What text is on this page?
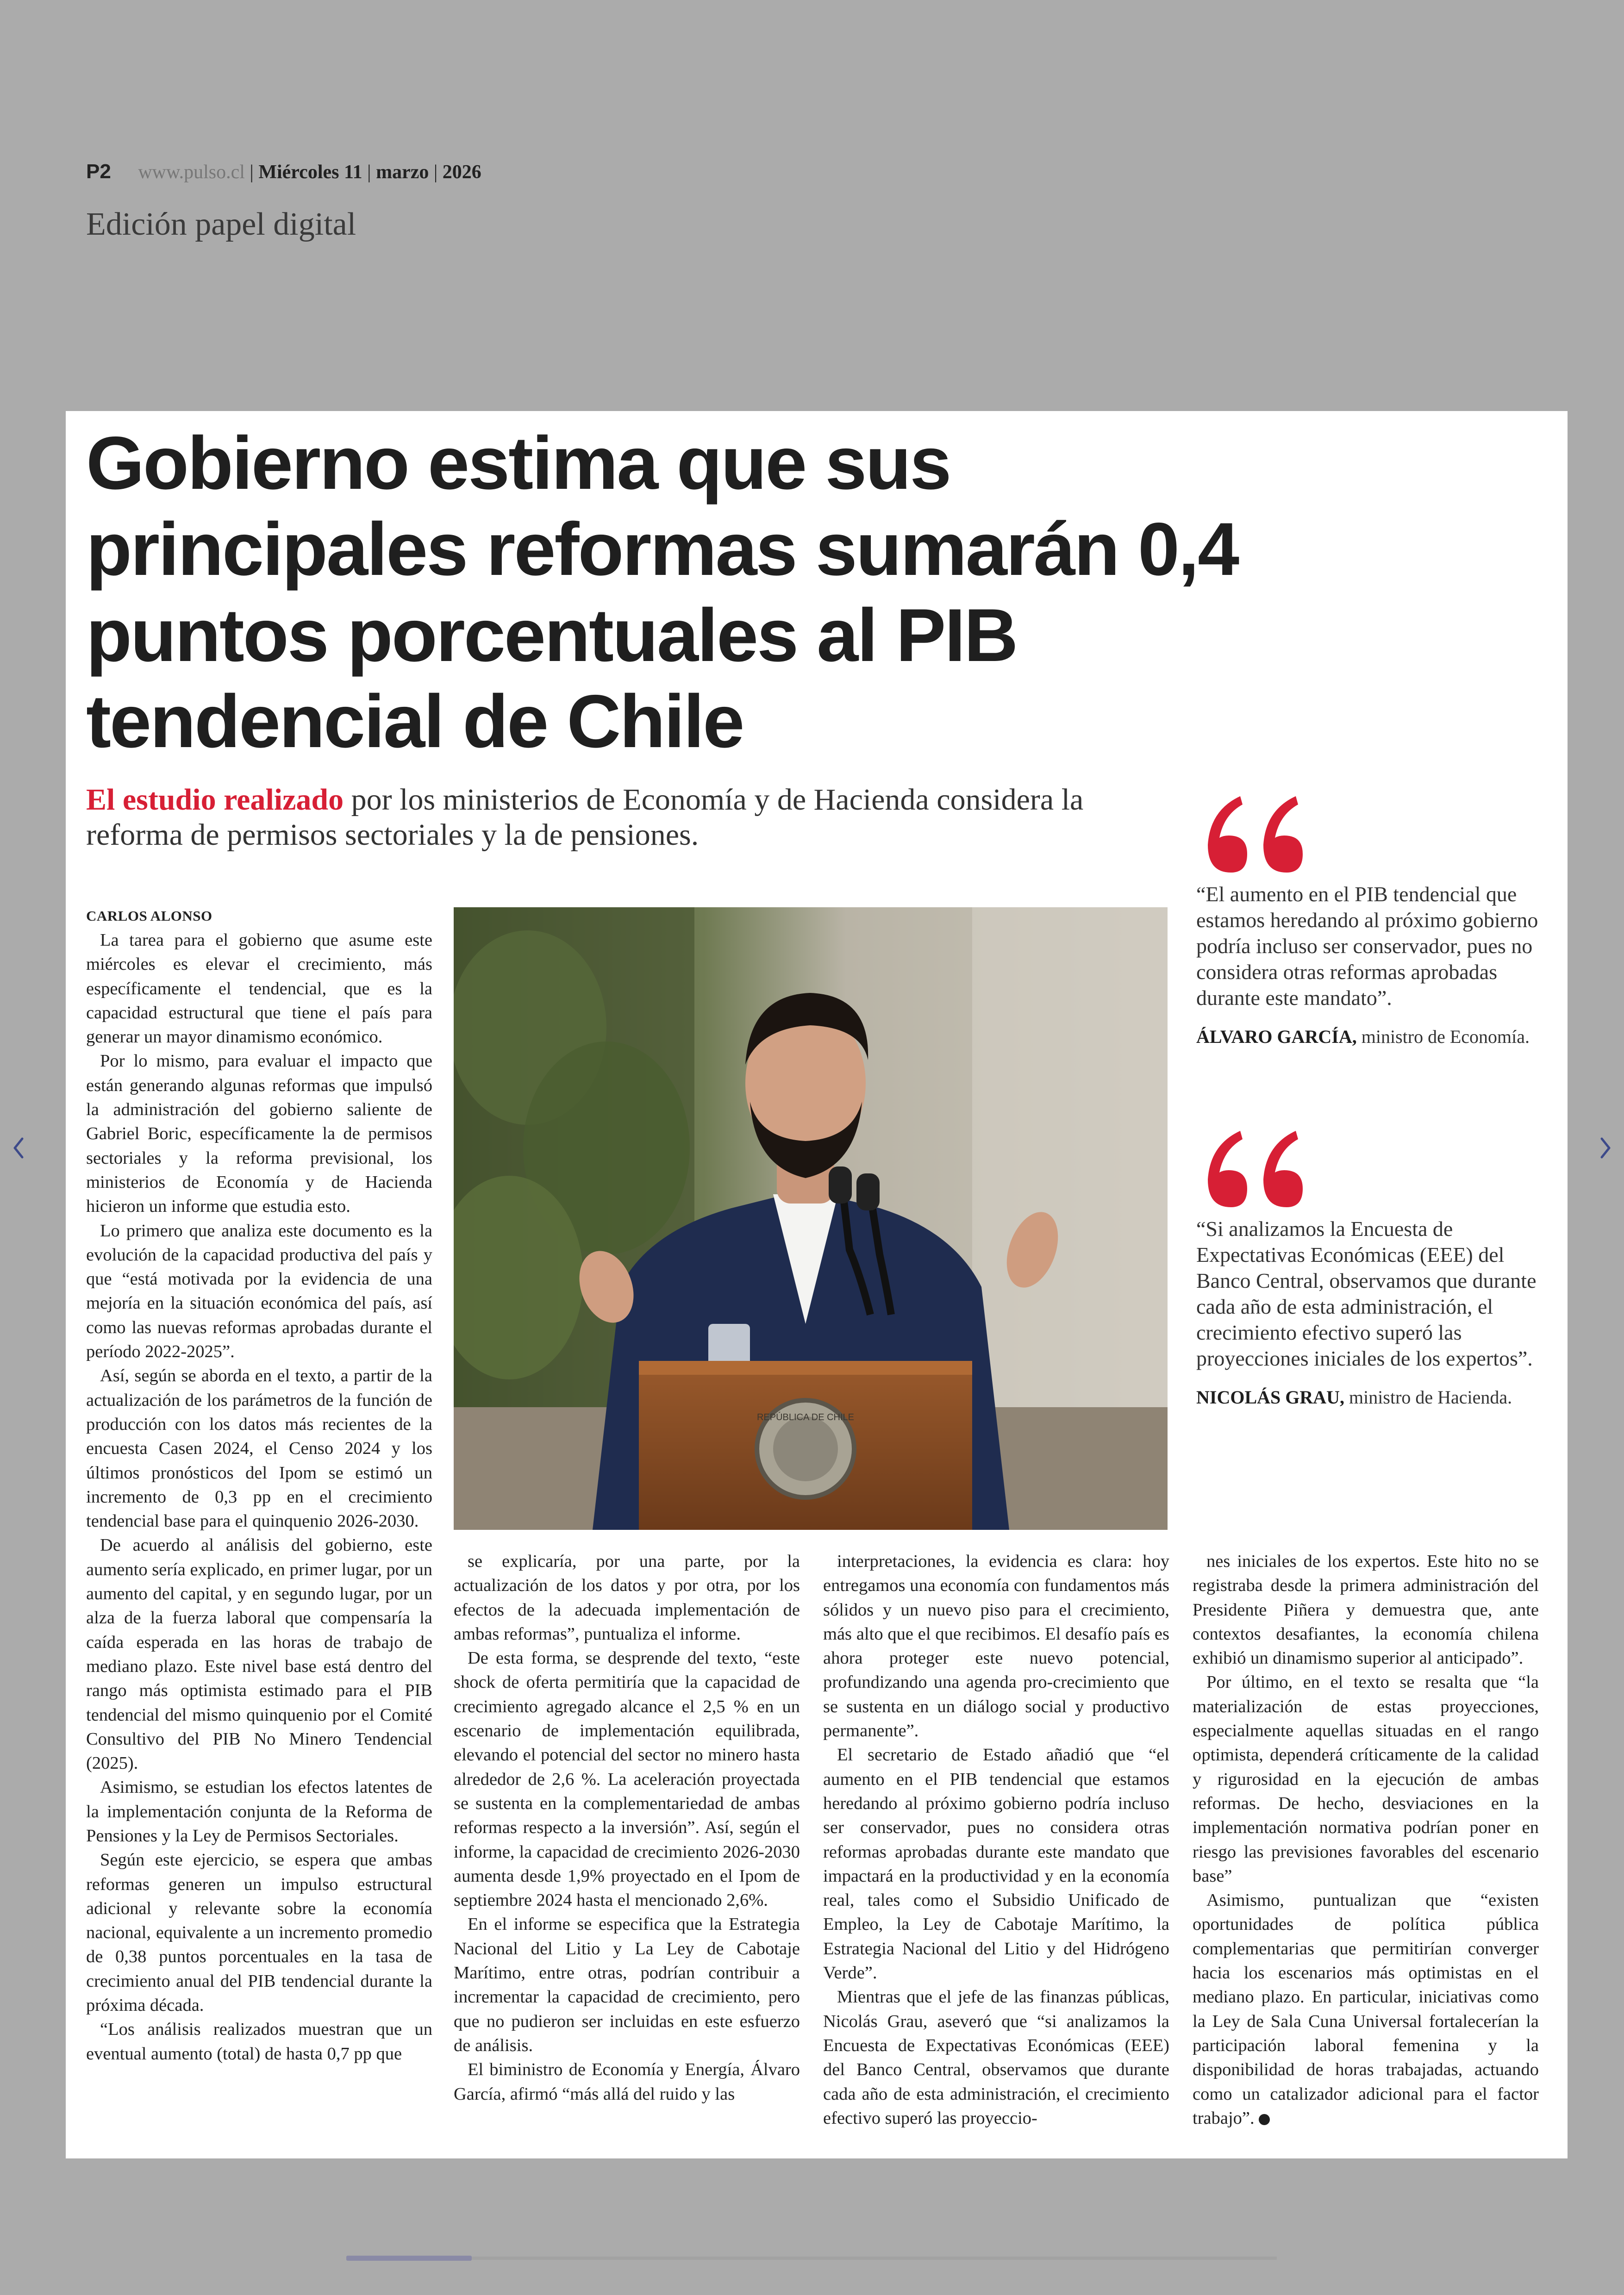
P2 www.pulso.cl | Miércoles 11 | marzo | 2026
Edición papel digital
Gobierno estima que sus principales reformas sumarán 0,4 puntos porcentuales al PIB tendencial de Chile

El estudio realizado por los ministerios de Economía y de Hacienda considera la reforma de permisos sectoriales y la de pensiones.

CARLOS ALONSO

La tarea para el gobierno que asume este miércoles es elevar el crecimiento, más específicamente el tendencial, que es la capacidad estructural que tiene el país para generar un mayor dinamismo económico.

Por lo mismo, para evaluar el impacto que están generando algunas reformas que impulsó la administración del gobierno saliente de Gabriel Boric, específicamente la de permisos sectoriales y la reforma previsional, los ministerios de Economía y de Hacienda hicieron un informe que estudia esto.

Lo primero que analiza este documento es la evolución de la capacidad productiva del país y que “está motivada por la evidencia de una mejoría en la situación económica del país, así como las nuevas reformas aprobadas durante el período 2022-2025”.

Así, según se aborda en el texto, a partir de la actualización de los parámetros de la función de producción con los datos más recientes de la encuesta Casen 2024, el Censo 2024 y los últimos pronósticos del Ipom se estimó un incremento de 0,3 pp en el crecimiento tendencial base para el quinquenio 2026-2030.

De acuerdo al análisis del gobierno, este aumento sería explicado, en primer lugar, por un aumento del capital, y en segundo lugar, por un alza de la fuerza laboral que compensaría la caída esperada en las horas de trabajo de mediano plazo. Este nivel base está dentro del rango más optimista estimado para el PIB tendencial del mismo quinquenio por el Comité Consultivo del PIB No Minero Tendencial (2025).

Asimismo, se estudian los efectos latentes de la implementación conjunta de la Reforma de Pensiones y la Ley de Permisos Sectoriales.

Según este ejercicio, se espera que ambas reformas generen un impulso estructural adicional y relevante sobre la economía nacional, equivalente a un incremento promedio de 0,38 puntos porcentuales en la tasa de crecimiento anual del PIB tendencial durante la próxima década.

“Los análisis realizados muestran que un eventual aumento (total) de hasta 0,7 pp que

REPÚBLICA DE CHILE

se explicaría, por una parte, por la actualización de los datos y por otra, por los efectos de la adecuada implementación de ambas reformas”, puntualiza el informe.

De esta forma, se desprende del texto, “este shock de oferta permitiría que la capacidad de crecimiento agregado alcance el 2,5 % en un escenario de implementación equilibrada, elevando el potencial del sector no minero hasta alrededor de 2,6 %. La aceleración proyectada se sustenta en la complementariedad de ambas reformas respecto a la inversión”. Así, según el informe, la capacidad de crecimiento 2026-2030 aumenta desde 1,9% proyectado en el Ipom de septiembre 2024 hasta el mencionado 2,6%.

En el informe se especifica que la Estrategia Nacional del Litio y La Ley de Cabotaje Marítimo, entre otras, podrían contribuir a incrementar la capacidad de crecimiento, pero que no pudieron ser incluidas en este esfuerzo de análisis.

El biministro de Economía y Energía, Álvaro García, afirmó “más allá del ruido y las

interpretaciones, la evidencia es clara: hoy entregamos una economía con fundamentos más sólidos y un nuevo piso para el crecimiento, más alto que el que recibimos. El desafío país es ahora proteger este nuevo potencial, profundizando una agenda pro-crecimiento que se sustenta en un diálogo social y productivo permanente”.

El secretario de Estado añadió que “el aumento en el PIB tendencial que estamos heredando al próximo gobierno podría incluso ser conservador, pues no considera otras reformas aprobadas durante este mandato que impactará en la productividad y en la economía real, tales como el Subsidio Unificado de Empleo, la Ley de Cabotaje Marítimo, la Estrategia Nacional del Litio y del Hidrógeno Verde”.

Mientras que el jefe de las finanzas públicas, Nicolás Grau, aseveró que “si analizamos la Encuesta de Expectativas Económicas (EEE) del Banco Central, observamos que durante cada año de esta administración, el crecimiento efectivo superó las proyeccio-

nes iniciales de los expertos. Este hito no se registraba desde la primera administración del Presidente Piñera y demuestra que, ante contextos desafiantes, la economía chilena exhibió un dinamismo superior al anticipado”.

Por último, en el texto se resalta que “la materialización de estas proyecciones, especialmente aquellas situadas en el rango optimista, dependerá críticamente de la calidad y rigurosidad en la ejecución de ambas reformas. De hecho, desviaciones en la implementación normativa podrían poner en riesgo las previsiones favorables del escenario base”

Asimismo, puntualizan que “existen oportunidades de política pública complementarias que permitirían converger hacia los escenarios más optimistas en el mediano plazo. En particular, iniciativas como la Ley de Sala Cuna Universal fortalecerían la participación laboral femenina y la disponibilidad de horas trabajadas, actuando como un catalizador adicional para el factor trabajo”.

“El aumento en el PIB tendencial que estamos heredando al próximo gobierno podría incluso ser conservador, pues no considera otras reformas aprobadas durante este mandato”.
ÁLVARO GARCÍA, ministro de Economía.
“Si analizamos la Encuesta de Expectativas Económicas (EEE) del Banco Central, observamos que durante cada año de esta administración, el crecimiento efectivo superó las proyecciones iniciales de los expertos”.
NICOLÁS GRAU, ministro de Hacienda.
